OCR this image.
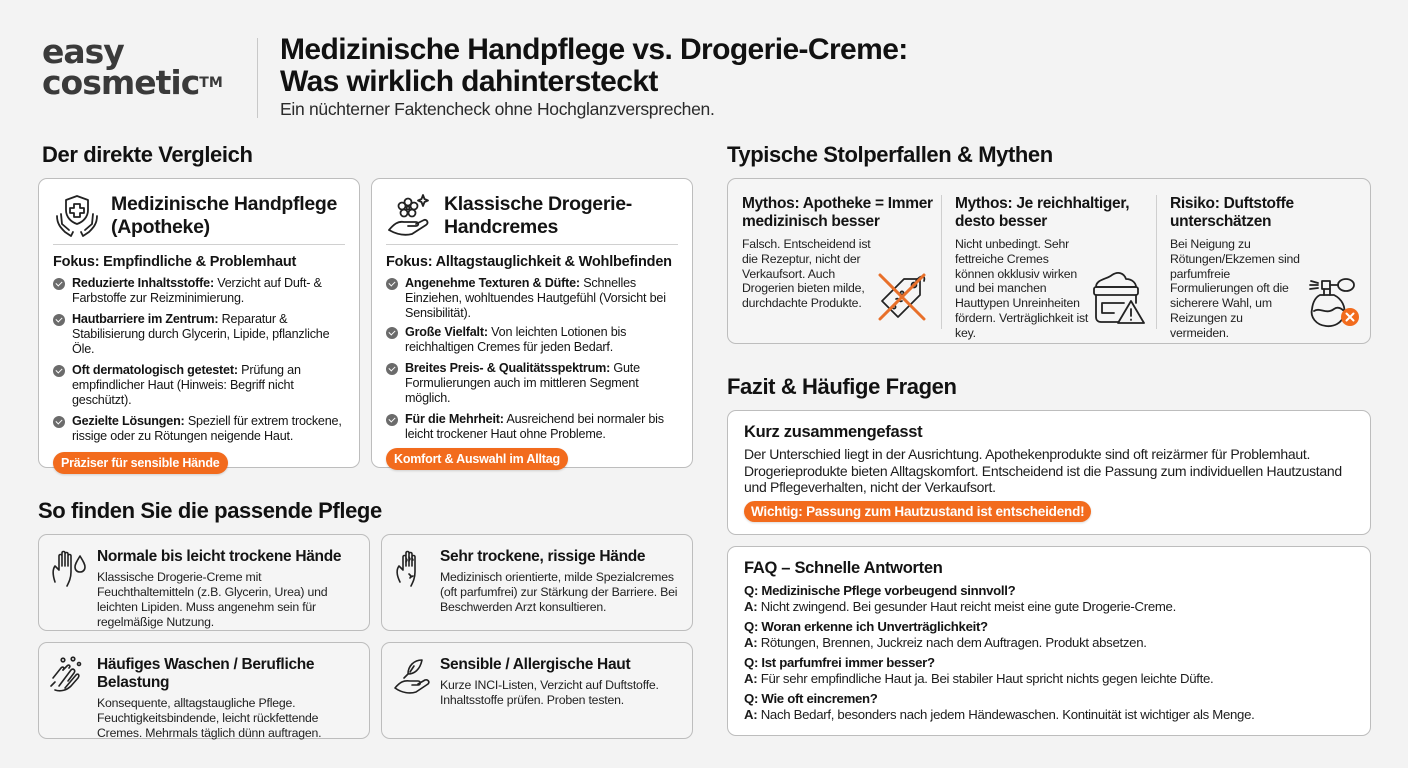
easy
cosmetic™
Medizinische Handpflege vs. Drogerie-Creme:
Was wirklich dahintersteckt
Ein nüchterner Faktencheck ohne Hochglanzversprechen.
Der direkte Vergleich
Medizinische Handpflege
(Apotheke)
Fokus: Empfindliche & Problemhaut
Reduzierte Inhaltsstoffe: Verzicht auf Duft- & Farbstoffe zur Reizminimierung.
Hautbarriere im Zentrum: Reparatur & Stabilisierung durch Glycerin, Lipide, pflanzliche Öle.
Oft dermatologisch getestet: Prüfung an empfindlicher Haut (Hinweis: Begriff nicht geschützt).
Gezielte Lösungen: Speziell für extrem trockene, rissige oder zu Rötungen neigende Haut.
Präziser für sensible Hände
Klassische Drogerie-
Handcremes
Fokus: Alltagstauglichkeit & Wohlbefinden
Angenehme Texturen & Düfte: Schnelles Einziehen, wohltuendes Hautgefühl (Vorsicht bei Sensibilität).
Große Vielfalt: Von leichten Lotionen bis reichhaltigen Cremes für jeden Bedarf.
Breites Preis- & Qualitätsspektrum: Gute Formulierungen auch im mittleren Segment möglich.
Für die Mehrheit: Ausreichend bei normaler bis leicht trockener Haut ohne Probleme.
Komfort & Auswahl im Alltag
So finden Sie die passende Pflege
Normale bis leicht trockene Hände
Klassische Drogerie-Creme mit Feuchthaltemitteln (z.B. Glycerin, Urea) und leichten Lipiden. Muss angenehm sein für regelmäßige Nutzung.
Sehr trockene, rissige Hände
Medizinisch orientierte, milde Spezialcremes (oft parfumfrei) zur Stärkung der Barriere. Bei Beschwerden Arzt konsultieren.
Häufiges Waschen / Berufliche Belastung
Konsequente, alltagstaugliche Pflege. Feuchtigkeitsbindende, leicht rückfettende Cremes. Mehrmals täglich dünn auftragen.
Sensible / Allergische Haut
Kurze INCI-Listen, Verzicht auf Duftstoffe. Inhaltsstoffe prüfen. Proben testen.
Typische Stolperfallen & Mythen
Mythos: Apotheke = Immer medizinisch besser
Falsch. Entscheidend ist die Rezeptur, nicht der Verkaufsort. Auch Drogerien bieten milde, durchdachte Produkte.
Mythos: Je reichhaltiger, desto besser
Nicht unbedingt. Sehr fettreiche Cremes können okklusiv wirken und bei manchen Hauttypen Unreinheiten fördern. Verträglichkeit ist key.
Risiko: Duftstoffe unterschätzen
Bei Neigung zu Rötungen/Ekzemen sind parfumfreie Formulierungen oft die sicherere Wahl, um Reizungen zu vermeiden.
Fazit & Häufige Fragen
Kurz zusammengefasst
Der Unterschied liegt in der Ausrichtung. Apothekenprodukte sind oft reizärmer für Problemhaut. Drogerieprodukte bieten Alltagskomfort. Entscheidend ist die Passung zum individuellen Hautzustand und Pflegeverhalten, nicht der Verkaufsort.
Wichtig: Passung zum Hautzustand ist entscheidend!
FAQ – Schnelle Antworten
Q: Medizinische Pflege vorbeugend sinnvoll?
A: Nicht zwingend. Bei gesunder Haut reicht meist eine gute Drogerie-Creme.
Q: Woran erkenne ich Unverträglichkeit?
A: Rötungen, Brennen, Juckreiz nach dem Auftragen. Produkt absetzen.
Q: Ist parfumfrei immer besser?
A: Für sehr empfindliche Haut ja. Bei stabiler Haut spricht nichts gegen leichte Düfte.
Q: Wie oft eincremen?
A: Nach Bedarf, besonders nach jedem Händewaschen. Kontinuität ist wichtiger als Menge.
